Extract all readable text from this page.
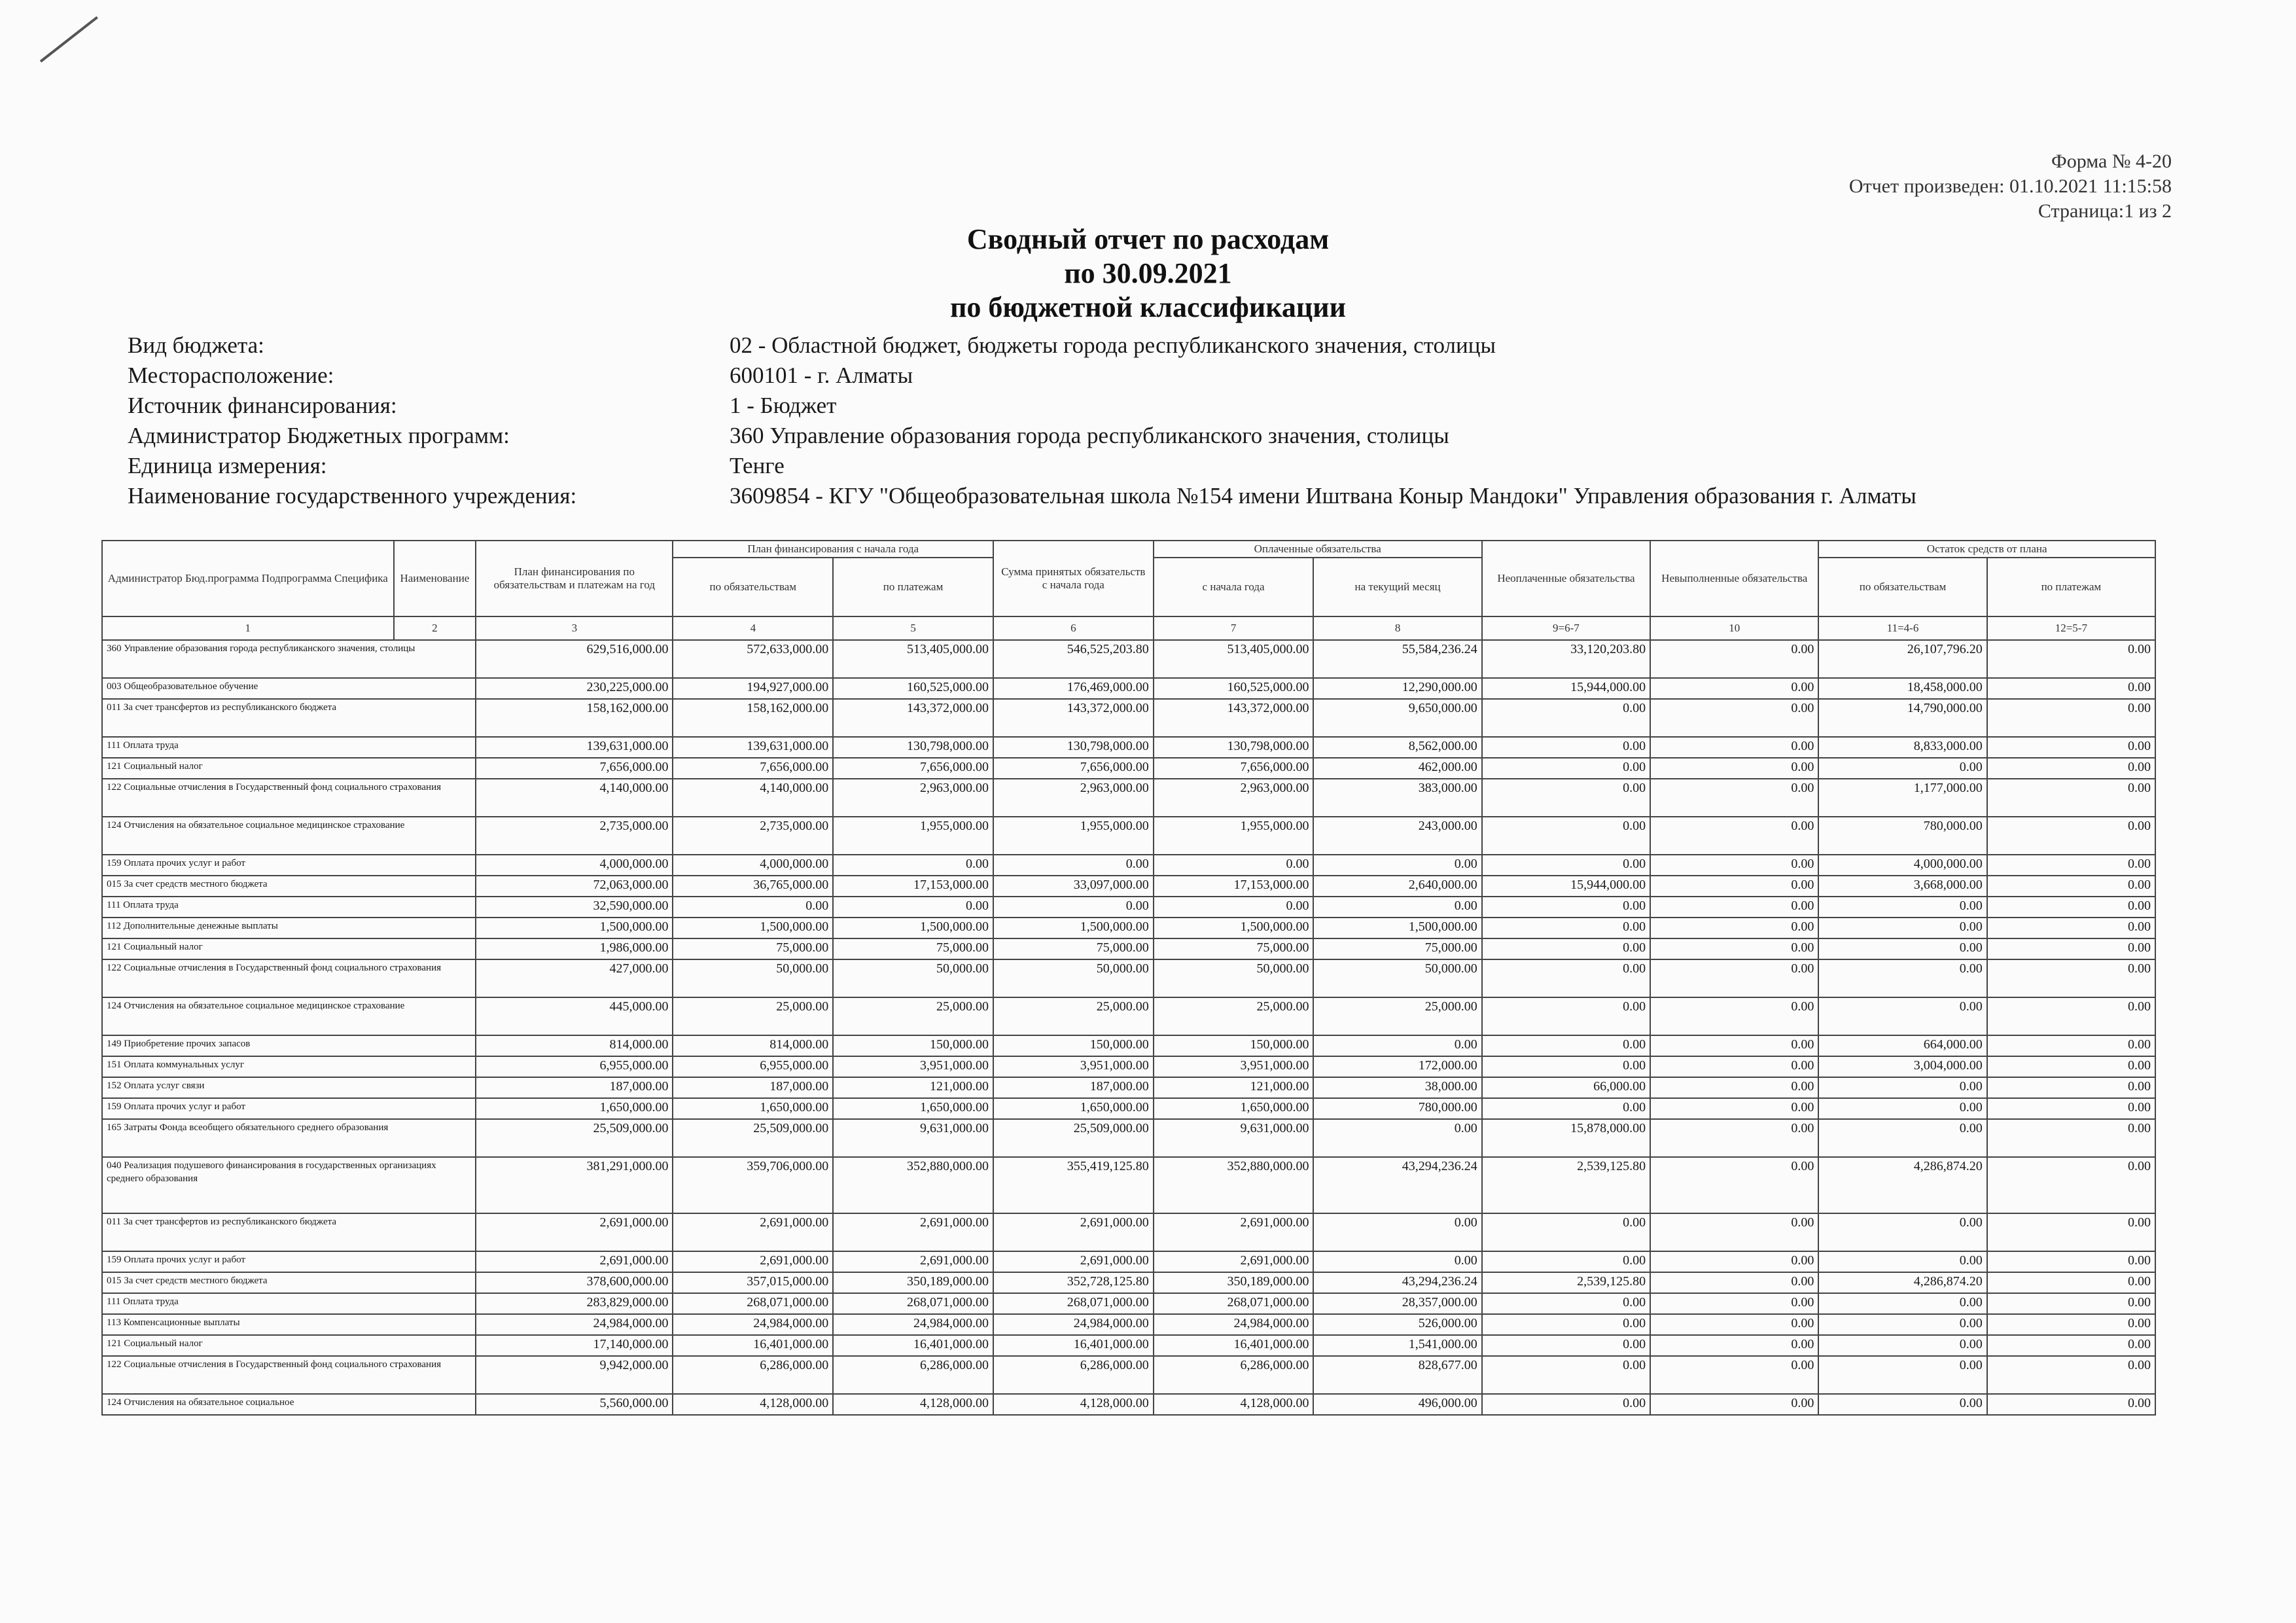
Форма № 4-20
Отчет произведен: 01.10.2021 11:15:58
Страница:1 из 2
Сводный отчет по расходам
по 30.09.2021
по бюджетной классификации
Вид бюджета:	02 - Областной бюджет, бюджеты города республиканского значения, столицы
Месторасположение:	600101 - г. Алматы
Источник финансирования:	1 - Бюджет
Администратор Бюджетных программ:	360 Управление образования города республиканского значения, столицы
Единица измерения:	Тенге
Наименование государственного учреждения:	3609854 - КГУ "Общеобразовательная школа №154 имени Иштвана Коныр Мандоки" Управления образования г. Алматы
Администратор Бюд.программа Подпрограмма Специфика	Наименование	План финансирования по обязательствам и платежам на год	План финансирования с начала года		Сумма принятых обязательств с начала года	Оплаченные обязательства		Неоплаченные обязательства	Невыполненные обязательства	Остаток средств от плана	
			по обязательствам	по платежам		с начала года	на текущий месяц			по обязательствам	по платежам
1	2	3	4	5	6	7	8	9=6-7	10	11=4-6	12=5-7
360 Управление образования города республиканского значения, столицы		629,516,000.00	572,633,000.00	513,405,000.00	546,525,203.80	513,405,000.00	55,584,236.24	33,120,203.80	0.00	26,107,796.20	0.00
003 Общеобразовательное обучение		230,225,000.00	194,927,000.00	160,525,000.00	176,469,000.00	160,525,000.00	12,290,000.00	15,944,000.00	0.00	18,458,000.00	0.00
011 За счет трансфертов из республиканского бюджета		158,162,000.00	158,162,000.00	143,372,000.00	143,372,000.00	143,372,000.00	9,650,000.00	0.00	0.00	14,790,000.00	0.00
111 Оплата труда		139,631,000.00	139,631,000.00	130,798,000.00	130,798,000.00	130,798,000.00	8,562,000.00	0.00	0.00	8,833,000.00	0.00
121 Социальный налог		7,656,000.00	7,656,000.00	7,656,000.00	7,656,000.00	7,656,000.00	462,000.00	0.00	0.00	0.00	0.00
122 Социальные отчисления в Государственный фонд социального страхования		4,140,000.00	4,140,000.00	2,963,000.00	2,963,000.00	2,963,000.00	383,000.00	0.00	0.00	1,177,000.00	0.00
124 Отчисления на обязательное социальное медицинское страхование		2,735,000.00	2,735,000.00	1,955,000.00	1,955,000.00	1,955,000.00	243,000.00	0.00	0.00	780,000.00	0.00
159 Оплата прочих услуг и работ		4,000,000.00	4,000,000.00	0.00	0.00	0.00	0.00	0.00	0.00	4,000,000.00	0.00
015 За счет средств местного бюджета		72,063,000.00	36,765,000.00	17,153,000.00	33,097,000.00	17,153,000.00	2,640,000.00	15,944,000.00	0.00	3,668,000.00	0.00
111 Оплата труда		32,590,000.00	0.00	0.00	0.00	0.00	0.00	0.00	0.00	0.00	0.00
112 Дополнительные денежные выплаты		1,500,000.00	1,500,000.00	1,500,000.00	1,500,000.00	1,500,000.00	1,500,000.00	0.00	0.00	0.00	0.00
121 Социальный налог		1,986,000.00	75,000.00	75,000.00	75,000.00	75,000.00	75,000.00	0.00	0.00	0.00	0.00
122 Социальные отчисления в Государственный фонд социального страхования		427,000.00	50,000.00	50,000.00	50,000.00	50,000.00	50,000.00	0.00	0.00	0.00	0.00
124 Отчисления на обязательное социальное медицинское страхование		445,000.00	25,000.00	25,000.00	25,000.00	25,000.00	25,000.00	0.00	0.00	0.00	0.00
149 Приобретение прочих запасов		814,000.00	814,000.00	150,000.00	150,000.00	150,000.00	0.00	0.00	0.00	664,000.00	0.00
151 Оплата коммунальных услуг		6,955,000.00	6,955,000.00	3,951,000.00	3,951,000.00	3,951,000.00	172,000.00	0.00	0.00	3,004,000.00	0.00
152 Оплата услуг связи		187,000.00	187,000.00	121,000.00	187,000.00	121,000.00	38,000.00	66,000.00	0.00	0.00	0.00
159 Оплата прочих услуг и работ		1,650,000.00	1,650,000.00	1,650,000.00	1,650,000.00	1,650,000.00	780,000.00	0.00	0.00	0.00	0.00
165 Затраты Фонда всеобщего обязательного среднего образования		25,509,000.00	25,509,000.00	9,631,000.00	25,509,000.00	9,631,000.00	0.00	15,878,000.00	0.00	0.00	0.00
040 Реализация подушевого финансирования в государственных организациях среднего образования		381,291,000.00	359,706,000.00	352,880,000.00	355,419,125.80	352,880,000.00	43,294,236.24	2,539,125.80	0.00	4,286,874.20	0.00
011 За счет трансфертов из республиканского бюджета		2,691,000.00	2,691,000.00	2,691,000.00	2,691,000.00	2,691,000.00	0.00	0.00	0.00	0.00	0.00
159 Оплата прочих услуг и работ		2,691,000.00	2,691,000.00	2,691,000.00	2,691,000.00	2,691,000.00	0.00	0.00	0.00	0.00	0.00
015 За счет средств местного бюджета		378,600,000.00	357,015,000.00	350,189,000.00	352,728,125.80	350,189,000.00	43,294,236.24	2,539,125.80	0.00	4,286,874.20	0.00
111 Оплата труда		283,829,000.00	268,071,000.00	268,071,000.00	268,071,000.00	268,071,000.00	28,357,000.00	0.00	0.00	0.00	0.00
113 Компенсационные выплаты		24,984,000.00	24,984,000.00	24,984,000.00	24,984,000.00	24,984,000.00	526,000.00	0.00	0.00	0.00	0.00
121 Социальный налог		17,140,000.00	16,401,000.00	16,401,000.00	16,401,000.00	16,401,000.00	1,541,000.00	0.00	0.00	0.00	0.00
122 Социальные отчисления в Государственный фонд социального страхования		9,942,000.00	6,286,000.00	6,286,000.00	6,286,000.00	6,286,000.00	828,677.00	0.00	0.00	0.00	0.00
124 Отчисления на обязательное социальное		5,560,000.00	4,128,000.00	4,128,000.00	4,128,000.00	4,128,000.00	496,000.00	0.00	0.00	0.00	0.00
